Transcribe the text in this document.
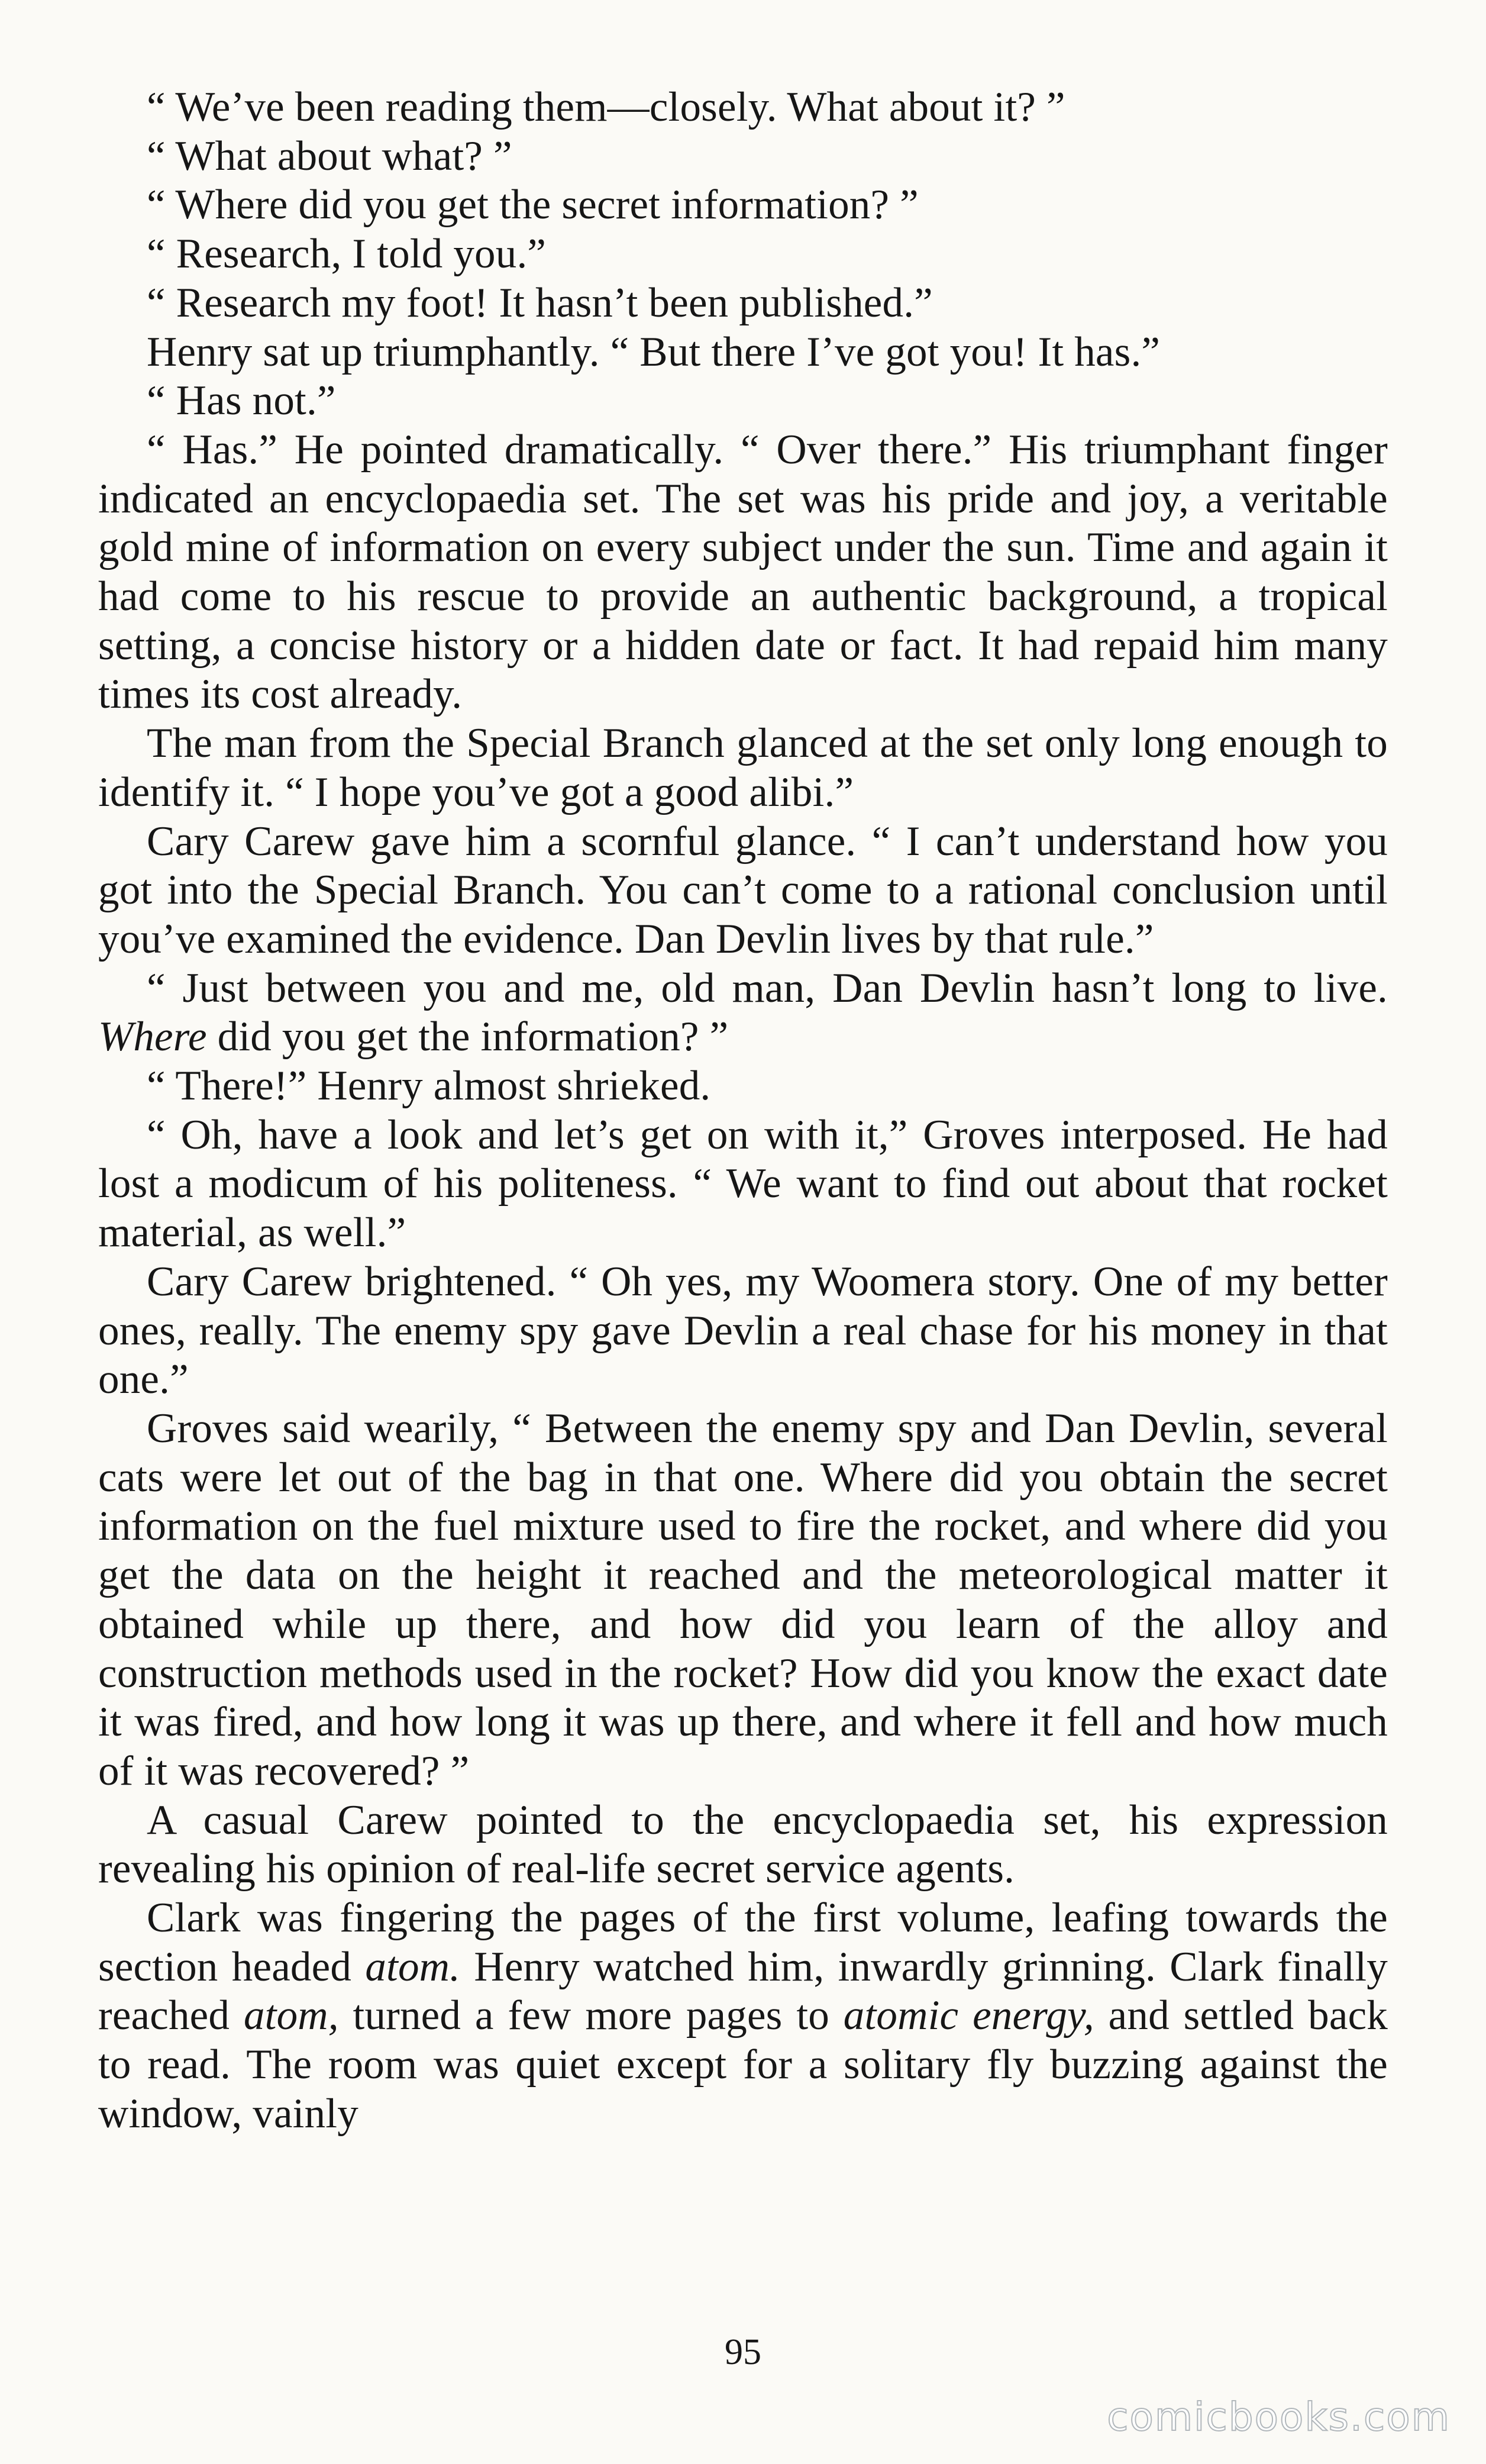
“ We’ve been reading them—closely. What about it? ”

“ What about what? ”

“ Where did you get the secret information? ”

“ Research, I told you.”

“ Research my foot! It hasn’t been published.”

Henry sat up triumphantly. “ But there I’ve got you! It has.”

“ Has not.”

“ Has.” He pointed dramatically. “ Over there.” His triumphant finger indicated an encyclopaedia set. The set was his pride and joy, a veritable gold mine of information on every subject under the sun. Time and again it had come to his rescue to provide an authentic background, a tropical setting, a concise history or a hidden date or fact. It had repaid him many times its cost already.

The man from the Special Branch glanced at the set only long enough to identify it. “ I hope you’ve got a good alibi.”

Cary Carew gave him a scornful glance. “ I can’t understand how you got into the Special Branch. You can’t come to a rational conclusion until you’ve examined the evidence. Dan Devlin lives by that rule.”

“ Just between you and me, old man, Dan Devlin hasn’t long to live. Where did you get the information? ”

“ There!” Henry almost shrieked.

“ Oh, have a look and let’s get on with it,” Groves interposed. He had lost a modicum of his politeness. “ We want to find out about that rocket material, as well.”

Cary Carew brightened. “ Oh yes, my Woomera story. One of my better ones, really. The enemy spy gave Devlin a real chase for his money in that one.”

Groves said wearily, “ Between the enemy spy and Dan Devlin, several cats were let out of the bag in that one. Where did you obtain the secret information on the fuel mixture used to fire the rocket, and where did you get the data on the height it reached and the meteorological matter it obtained while up there, and how did you learn of the alloy and construction methods used in the rocket? How did you know the exact date it was fired, and how long it was up there, and where it fell and how much of it was recovered? ”

A casual Carew pointed to the encyclopaedia set, his expression revealing his opinion of real-life secret service agents.

Clark was fingering the pages of the first volume, leafing towards the section headed atom. Henry watched him, inwardly grinning. Clark finally reached atom, turned a few more pages to atomic energy, and settled back to read. The room was quiet except for a solitary fly buzzing against the window, vainly

95
comicbooks.com
